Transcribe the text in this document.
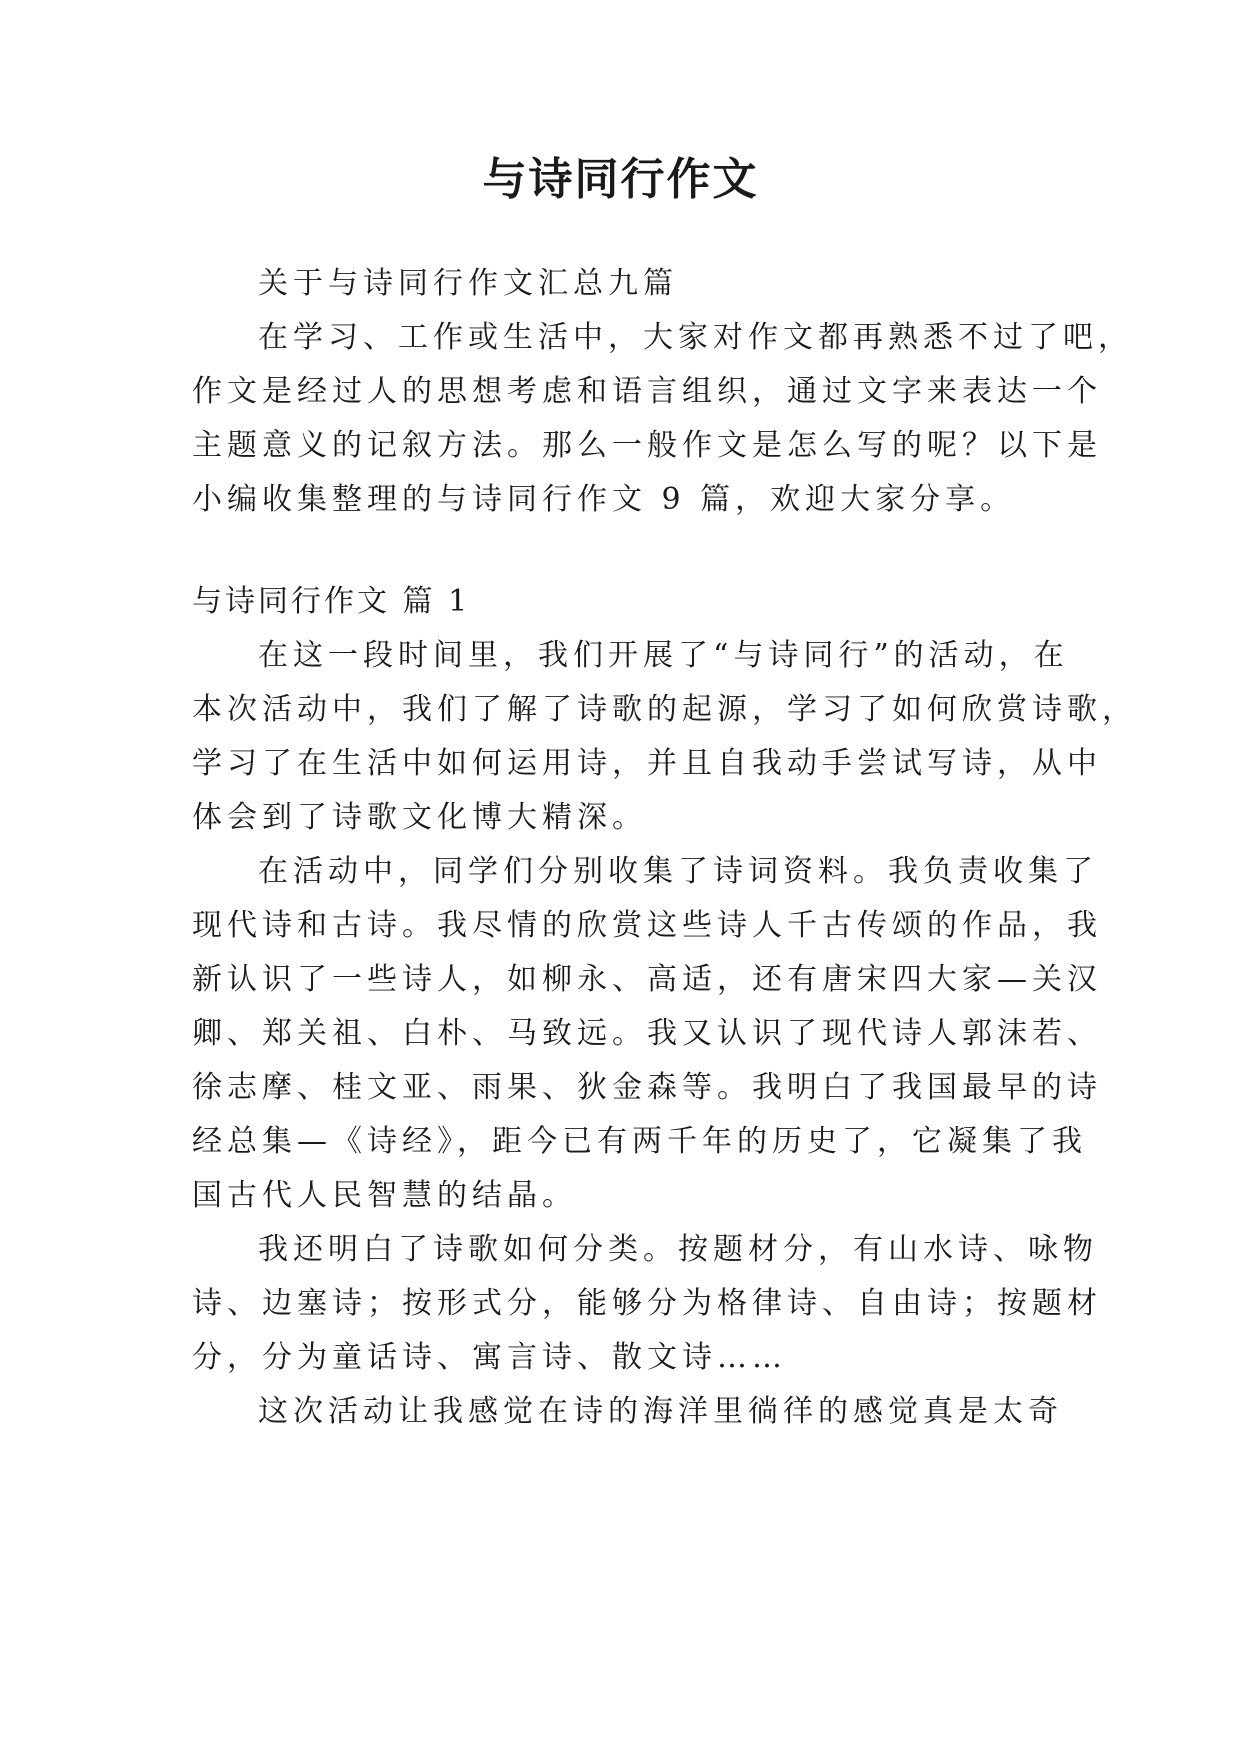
与诗同行作文

关于与诗同行作文汇总九篇

在学习、工作或生活中，大家对作文都再熟悉不过了吧，

作文是经过人的思想考虑和语言组织，通过文字来表达一个

主题意义的记叙方法。那么一般作文是怎么写的呢？以下是

小编收集整理的与诗同行作文 9 篇，欢迎大家分享。

与诗同行作文 篇 1

在这一段时间里，我们开展了“与诗同行”的活动，在

本次活动中，我们了解了诗歌的起源，学习了如何欣赏诗歌，

学习了在生活中如何运用诗，并且自我动手尝试写诗，从中

体会到了诗歌文化博大精深。

在活动中，同学们分别收集了诗词资料。我负责收集了

现代诗和古诗。我尽情的欣赏这些诗人千古传颂的作品，我

新认识了一些诗人，如柳永、高适，还有唐宋四大家—关汉

卿、郑关祖、白朴、马致远。我又认识了现代诗人郭沫若、

徐志摩、桂文亚、雨果、狄金森等。我明白了我国最早的诗

经总集—《诗经》，距今已有两千年的历史了，它凝集了我

国古代人民智慧的结晶。

我还明白了诗歌如何分类。按题材分，有山水诗、咏物

诗、边塞诗；按形式分，能够分为格律诗、自由诗；按题材

分，分为童话诗、寓言诗、散文诗……

这次活动让我感觉在诗的海洋里徜徉的感觉真是太奇
